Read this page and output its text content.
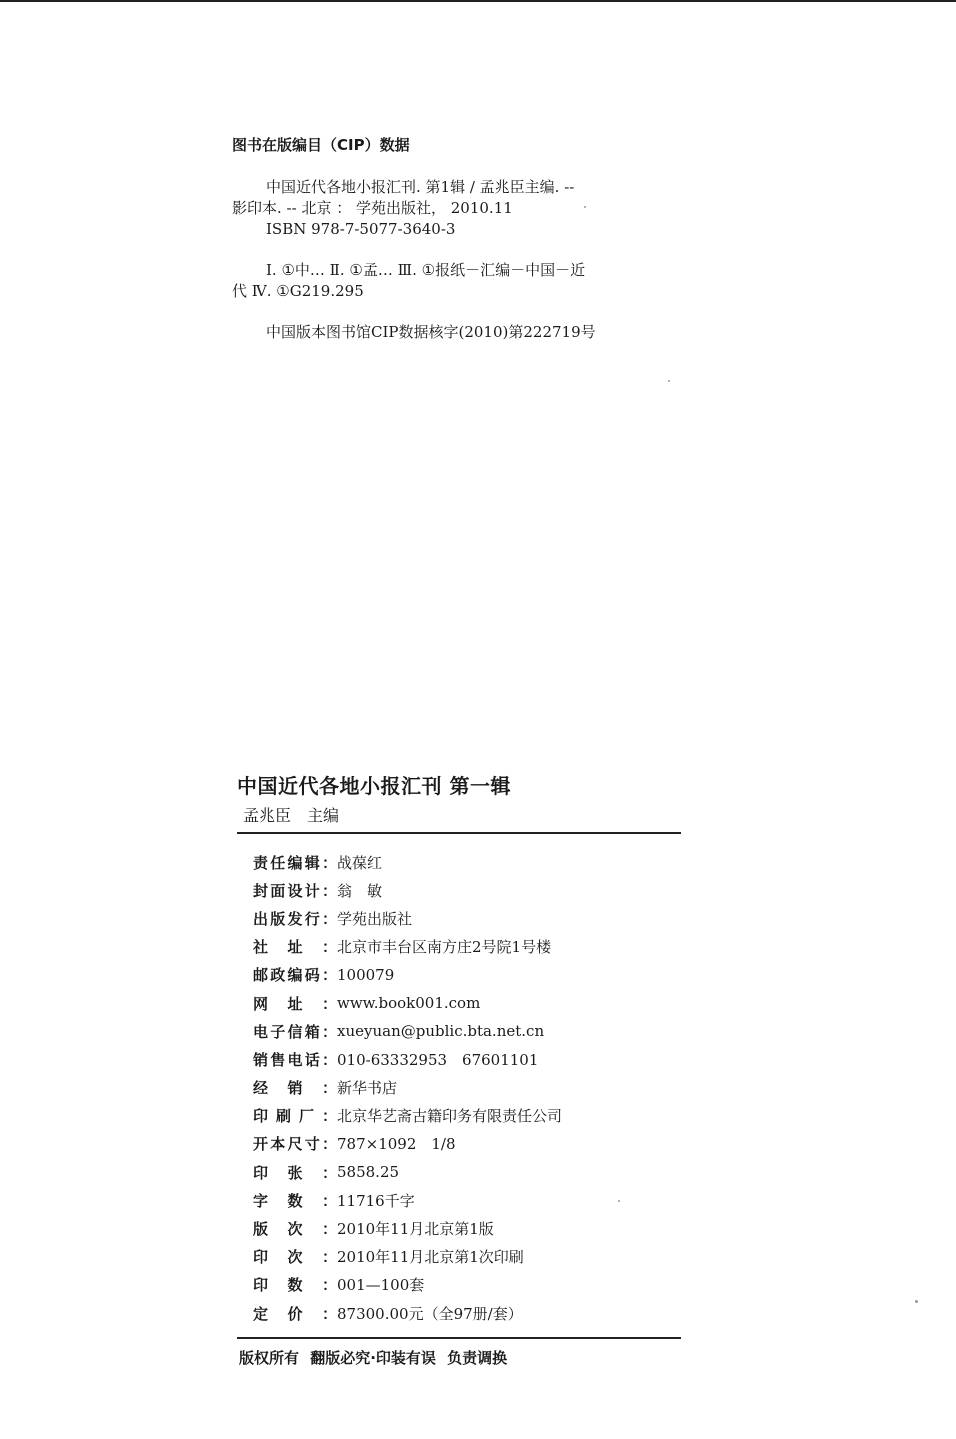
图书在版编目（CIP）数据

中国近代各地小报汇刊. 第1辑 / 孟兆臣主编. --

影印本. -- 北京 ： 学苑出版社， 2010.11

ISBN 978-7-5077-3640-3

Ⅰ. ①中… Ⅱ. ①孟… Ⅲ. ①报纸－汇编－中国－近

代 Ⅳ. ①G219.295

中国版本图书馆CIP数据核字(2010)第222719号

中国近代各地小报汇刊 第一辑
孟兆臣　主编
责 任 编 辑 ： 战葆红
封 面 设 计 ： 翁　敏
出 版 发 行 ： 学苑出版社
社 址 ： 北京市丰台区南方庄2号院1号楼
邮 政 编 码 ： 100079
网 址 ： www.book001.com
电 子 信 箱 ： xueyuan@public.bta.net.cn
销 售 电 话 ： 010-63332953　67601101
经 销 ： 新华书店
印 刷 厂 ： 北京华艺斋古籍印务有限责任公司
开 本 尺 寸 ： 787×1092　1/8
印 张 ： 5858.25
字 数 ： 11716千字
版 次 ： 2010年11月北京第1版
印 次 ： 2010年11月北京第1次印刷
印 数 ： 001—100套
定 价 ： 87300.00元（全97册/套）
版权所有 翻版必究·印装有误 负责调换
